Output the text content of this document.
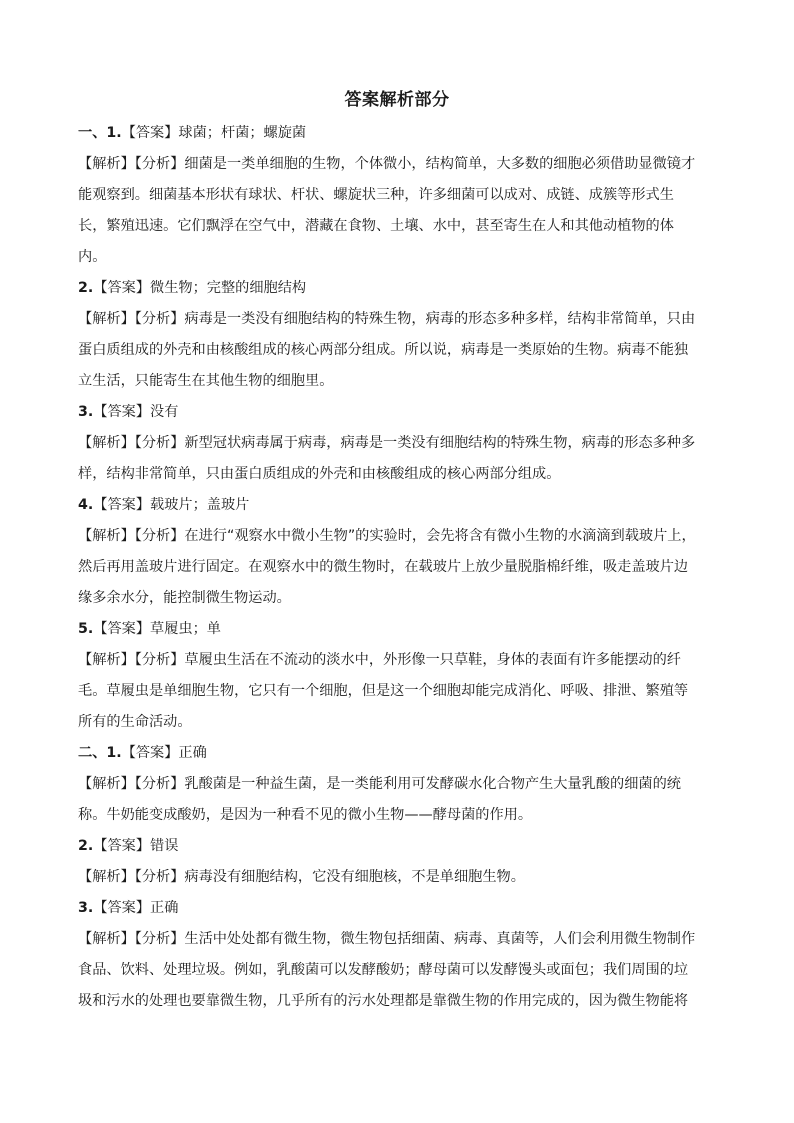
答案解析部分
一、1.【答案】球菌；杆菌；螺旋菌
【解析】【分析】细菌是一类单细胞的生物，个体微小，结构简单，大多数的细胞必须借助显微镜才
能观察到。细菌基本形状有球状、杆状、螺旋状三种，许多细菌可以成对、成链、成簇等形式生
长，繁殖迅速。它们飘浮在空气中，潜藏在食物、土壤、水中，甚至寄生在人和其他动植物的体
内。
2.【答案】微生物；完整的细胞结构
【解析】【分析】病毒是一类没有细胞结构的特殊生物，病毒的形态多种多样，结构非常简单，只由
蛋白质组成的外壳和由核酸组成的核心两部分组成。所以说，病毒是一类原始的生物。病毒不能独
立生活，只能寄生在其他生物的细胞里。
3.【答案】没有
【解析】【分析】新型冠状病毒属于病毒，病毒是一类没有细胞结构的特殊生物，病毒的形态多种多
样，结构非常简单，只由蛋白质组成的外壳和由核酸组成的核心两部分组成。
4.【答案】载玻片；盖玻片
【解析】【分析】在进行“观察水中微小生物”的实验时，会先将含有微小生物的水滴滴到载玻片上，
然后再用盖玻片进行固定。在观察水中的微生物时，在载玻片上放少量脱脂棉纤维，吸走盖玻片边
缘多余水分，能控制微生物运动。
5.【答案】草履虫；单
【解析】【分析】草履虫生活在不流动的淡水中，外形像一只草鞋，身体的表面有许多能摆动的纤
毛。草履虫是单细胞生物，它只有一个细胞，但是这一个细胞却能完成消化、呼吸、排泄、繁殖等
所有的生命活动。
二、1.【答案】正确
【解析】【分析】乳酸菌是一种益生菌，是一类能利用可发酵碳水化合物产生大量乳酸的细菌的统
称。牛奶能变成酸奶，是因为一种看不见的微小生物——酵母菌的作用。
2.【答案】错误
【解析】【分析】病毒没有细胞结构，它没有细胞核，不是单细胞生物。
3.【答案】正确
【解析】【分析】生活中处处都有微生物，微生物包括细菌、病毒、真菌等，人们会利用微生物制作
食品、饮料、处理垃圾。例如，乳酸菌可以发酵酸奶；酵母菌可以发酵馒头或面包；我们周围的垃
圾和污水的处理也要靠微生物，几乎所有的污水处理都是靠微生物的作用完成的，因为微生物能将
